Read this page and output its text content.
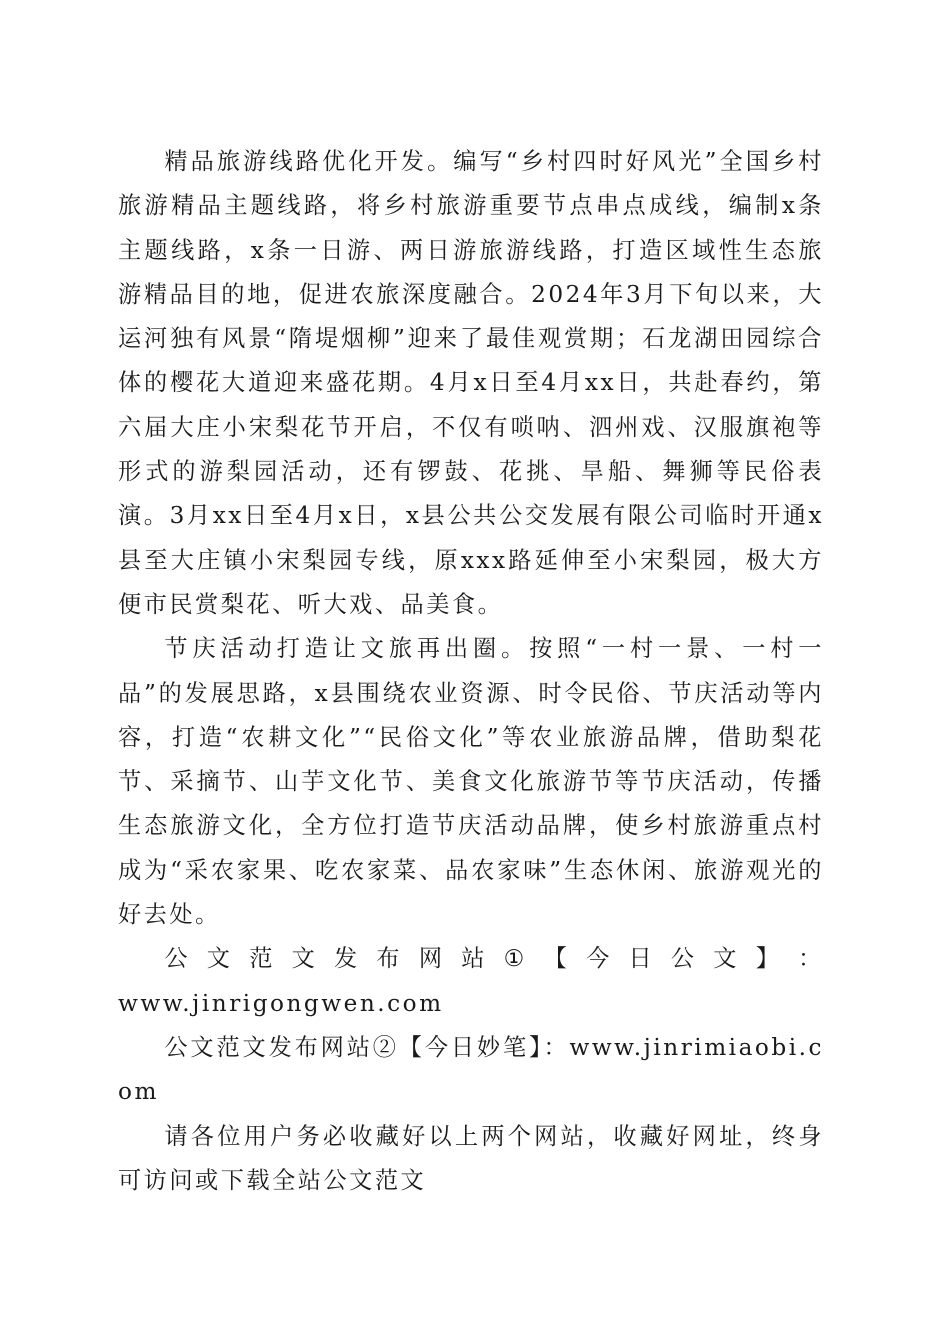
精品旅游线路优化开发。编写“乡村四时好风光”全国乡村旅游精品主题线路，将乡村旅游重要节点串点成线，编制x条主题线路，x条一日游、两日游旅游线路，打造区域性生态旅游精品目的地，促进农旅深度融合。2024年3月下旬以来，大运河独有风景“隋堤烟柳”迎来了最佳观赏期；石龙湖田园综合体的樱花大道迎来盛花期。4月x日至4月xx日，共赴春约，第六届大庄小宋梨花节开启，不仅有唢呐、泗州戏、汉服旗袍等形式的游梨园活动，还有锣鼓、花挑、旱船、舞狮等民俗表演。3月xx日至4月x日，x县公共公交发展有限公司临时开通x县至大庄镇小宋梨园专线，原xxx路延伸至小宋梨园，极大方便市民赏梨花、听大戏、品美食。

节庆活动打造让文旅再出圈。按照“一村一景、一村一品”的发展思路，x县围绕农业资源、时令民俗、节庆活动等内容，打造“农耕文化”“民俗文化”等农业旅游品牌，借助梨花节、采摘节、山芋文化节、美食文化旅游节等节庆活动，传播生态旅游文化，全方位打造节庆活动品牌，使乡村旅游重点村成为“采农家果、吃农家菜、品农家味”生态休闲、旅游观光的好去处。

公 文 范 文 发 布 网 站 ① 【 今 日 公 文 】 ：
www.jinrigongwen.com

公文范文发布网站②【今日妙笔】：www.jinrimiaobi.com

请各位用户务必收藏好以上两个网站，收藏好网址，终身可访问或下载全站公文范文
